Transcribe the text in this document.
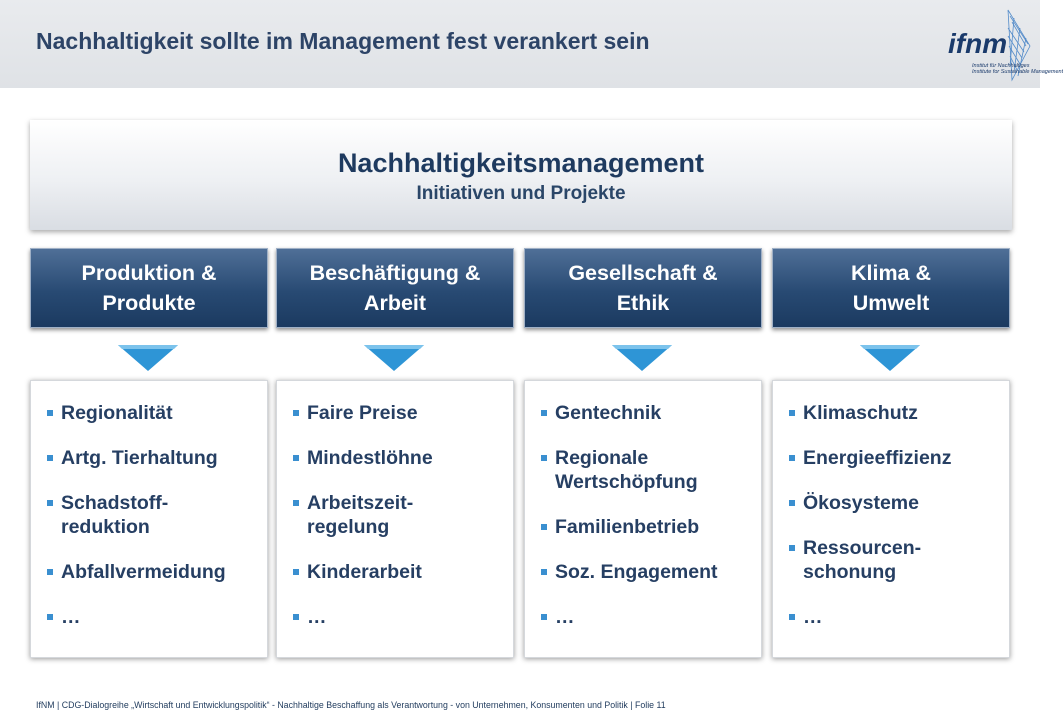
Nachhaltigkeit sollte im Management fest verankert sein	ifnm
Institut für Nachhaltiges
Institute for Sustainable Management
Nachhaltigkeitsmanagement
Initiativen und Projekte
Produktion &
Produkte
Regionalität
Artg. Tierhaltung
Schadstoff-
reduktion
Abfallvermeidung
…
Beschäftigung &
Arbeit
Faire Preise
Mindestlöhne
Arbeitszeit-
regelung
Kinderarbeit
…
Gesellschaft &
Ethik
Gentechnik
Regionale
Wertschöpfung
Familienbetrieb
Soz. Engagement
…
Klima &
Umwelt
Klimaschutz
Energieeffizienz
Ökosysteme
Ressourcen-
schonung
…
IfNM | CDG-Dialogreihe „Wirtschaft und Entwicklungspolitik“ - Nachhaltige Beschaffung als Verantwortung - von Unternehmen, Konsumenten und Politik | Folie 11
